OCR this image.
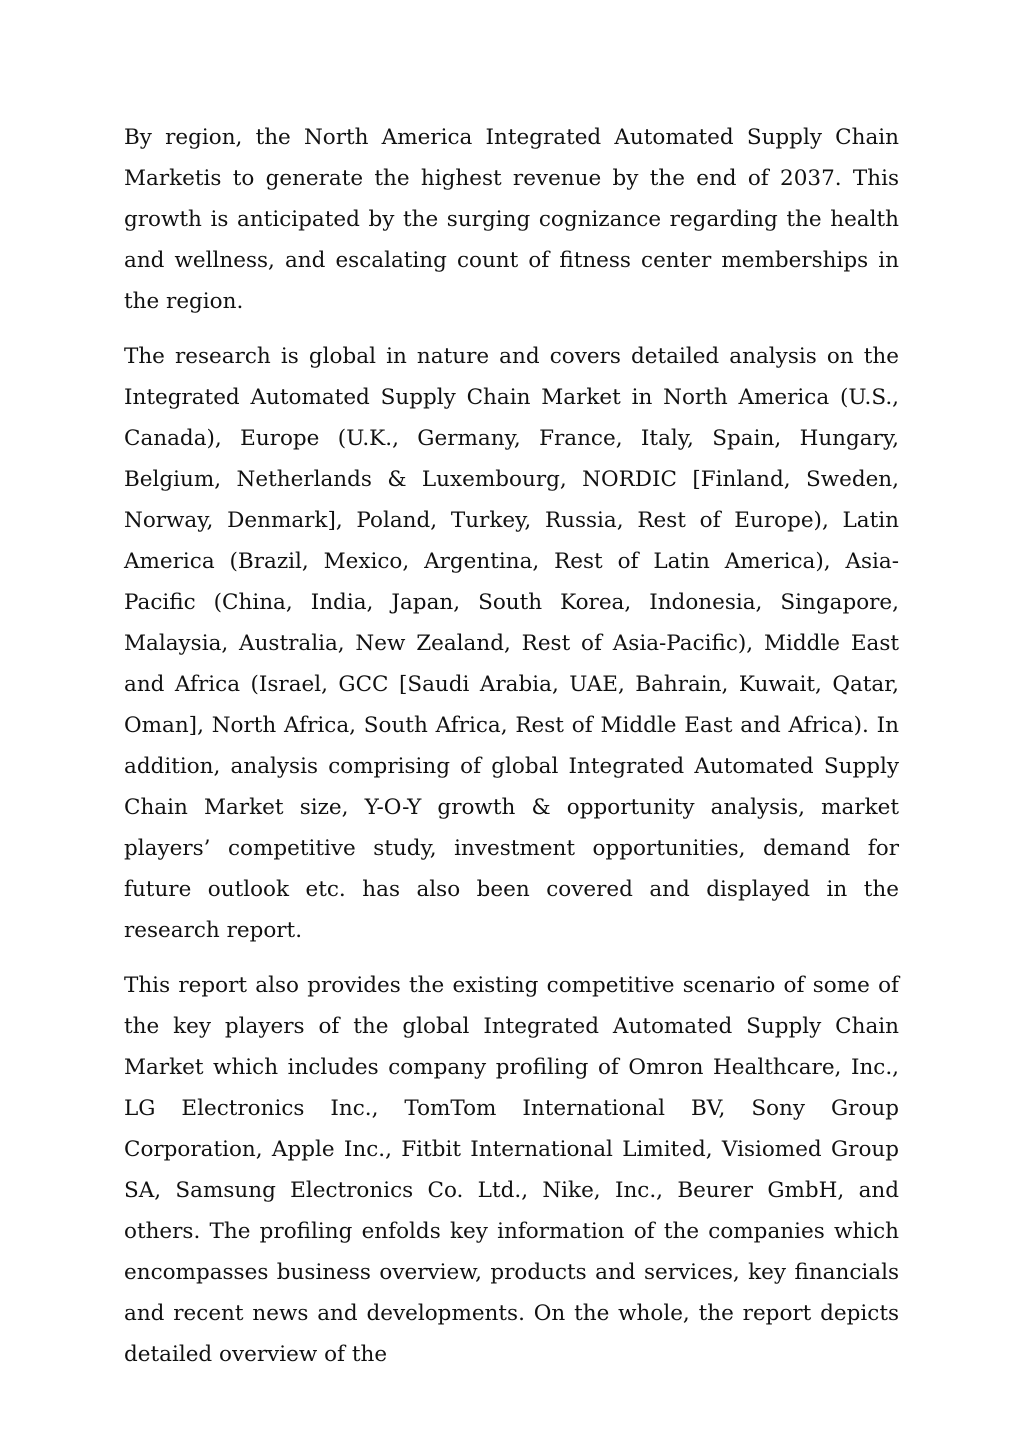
By region, the North America Integrated Automated Supply Chain Marketis to generate the highest revenue by the end of 2037. This growth is anticipated by the surging cognizance regarding the health and wellness, and escalating count of fitness center memberships in the region.

The research is global in nature and covers detailed analysis on the Integrated Automated Supply Chain Market in North America (U.S., Canada), Europe (U.K., Germany, France, Italy, Spain, Hungary, Belgium, Netherlands & Luxembourg, NORDIC [Finland, Sweden, Norway, Denmark], Poland, Turkey, Russia, Rest of Europe), Latin America (Brazil, Mexico, Argentina, Rest of Latin America), Asia-Pacific (China, India, Japan, South Korea, Indonesia, Singapore, Malaysia, Australia, New Zealand, Rest of Asia-Pacific), Middle East and Africa (Israel, GCC [Saudi Arabia, UAE, Bahrain, Kuwait, Qatar, Oman], North Africa, South Africa, Rest of Middle East and Africa). In addition, analysis comprising of global Integrated Automated Supply Chain Market size, Y-O-Y growth & opportunity analysis, market players’ competitive study, investment opportunities, demand for future outlook etc. has also been covered and displayed in the research report.

This report also provides the existing competitive scenario of some of the key players of the global Integrated Automated Supply Chain Market which includes company profiling of Omron Healthcare, Inc., LG Electronics Inc., TomTom International BV, Sony Group Corporation, Apple Inc., Fitbit International Limited, Visiomed Group SA, Samsung Electronics Co. Ltd., Nike, Inc., Beurer GmbH, and others. The profiling enfolds key information of the companies which encompasses business overview, products and services, key financials and recent news and developments. On the whole, the report depicts detailed overview of the
